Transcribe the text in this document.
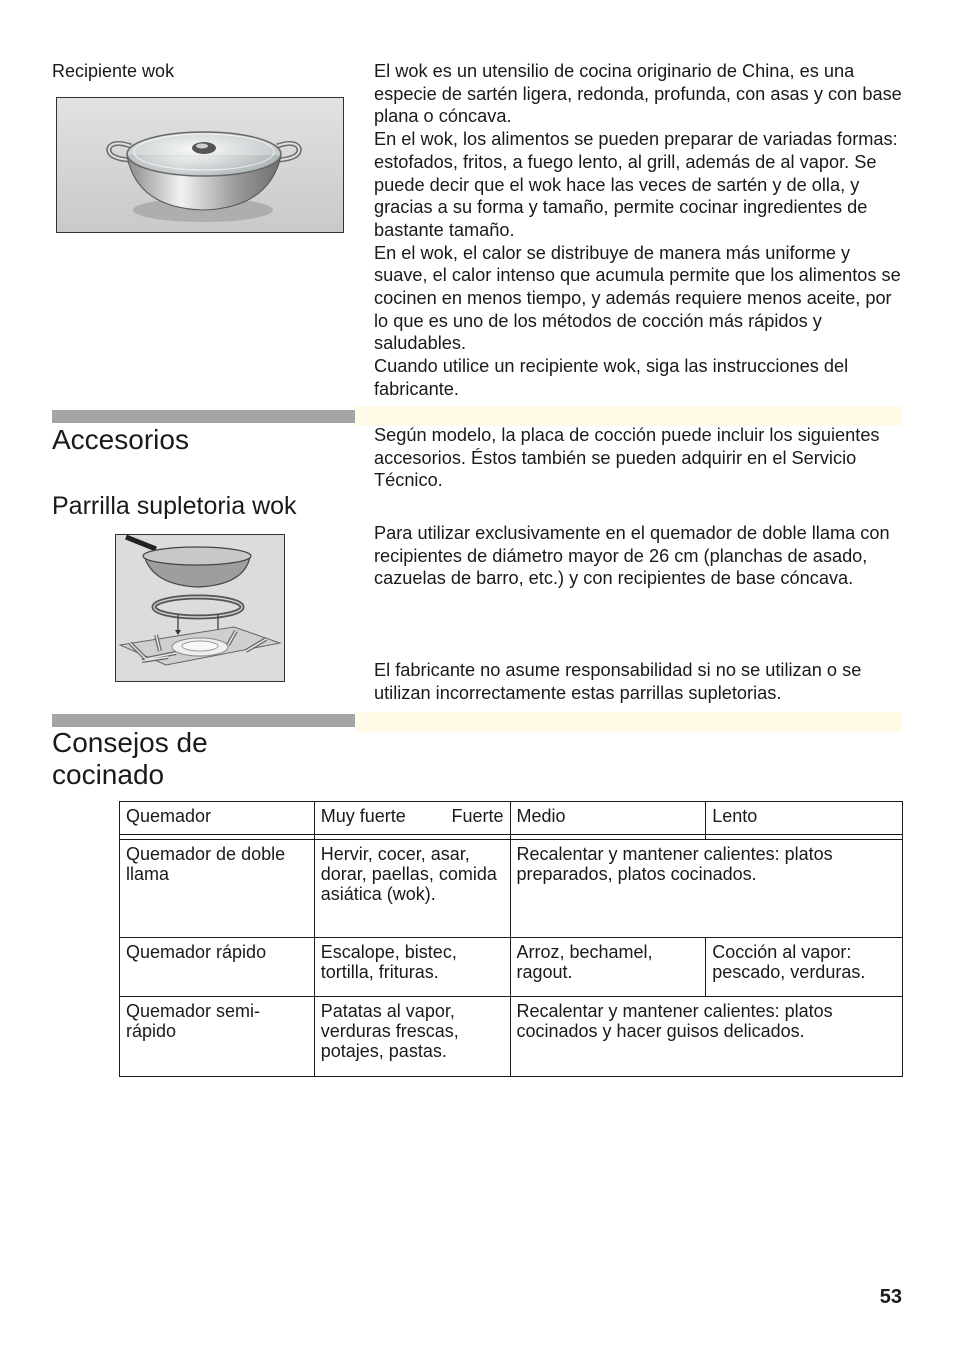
Recipiente wok	El wok es un utensilio de cocina originario de China, es una especie de sartén ligera, redonda, profunda, con asas y con base plana o cóncava.

En el wok, los alimentos se pueden preparar de variadas formas: estofados, fritos, a fuego lento, al grill, además de al vapor. Se puede decir que el wok hace las veces de sartén y de olla, y gracias a su forma y tamaño, permite cocinar ingredientes de bastante tamaño.

En el wok, el calor se distribuye de manera más uniforme y suave, el calor intenso que acumula permite que los alimentos se cocinen en menos tiempo, y además requiere menos aceite, por lo que es uno de los métodos de cocción más rápidos y saludables.

Cuando utilice un recipiente wok, siga las instrucciones del fabricante.

Accesorios	Según modelo, la placa de cocción puede incluir los siguientes accesorios. Éstos también se pueden adquirir en el Servicio Técnico.
Parrilla supletoria wok
Para utilizar exclusivamente en el quemador de doble llama con recipientes de diámetro mayor de 26 cm (planchas de asado, cazuelas de barro, etc.) y con recipientes de base cóncava.
El fabricante no asume responsabilidad si no se utilizan o se utilizan incorrectamente estas parrillas supletorias.
Consejos de
cocinado
Quemador	Muy fuerte Fuerte	Medio	Lento

Quemador de doble llama	Hervir, cocer, asar, dorar, paellas, comida asiática (wok).	Recalentar y mantener calientes: platos preparados, platos cocinados.	
Quemador rápido	Escalope, bistec, tortilla, frituras.	Arroz, bechamel, ragout.	Cocción al vapor: pescado, verduras.
Quemador semi-rápido	Patatas al vapor, verduras frescas, potajes, pastas.	Recalentar y mantener calientes: platos cocinados y hacer guisos delicados.	
53
